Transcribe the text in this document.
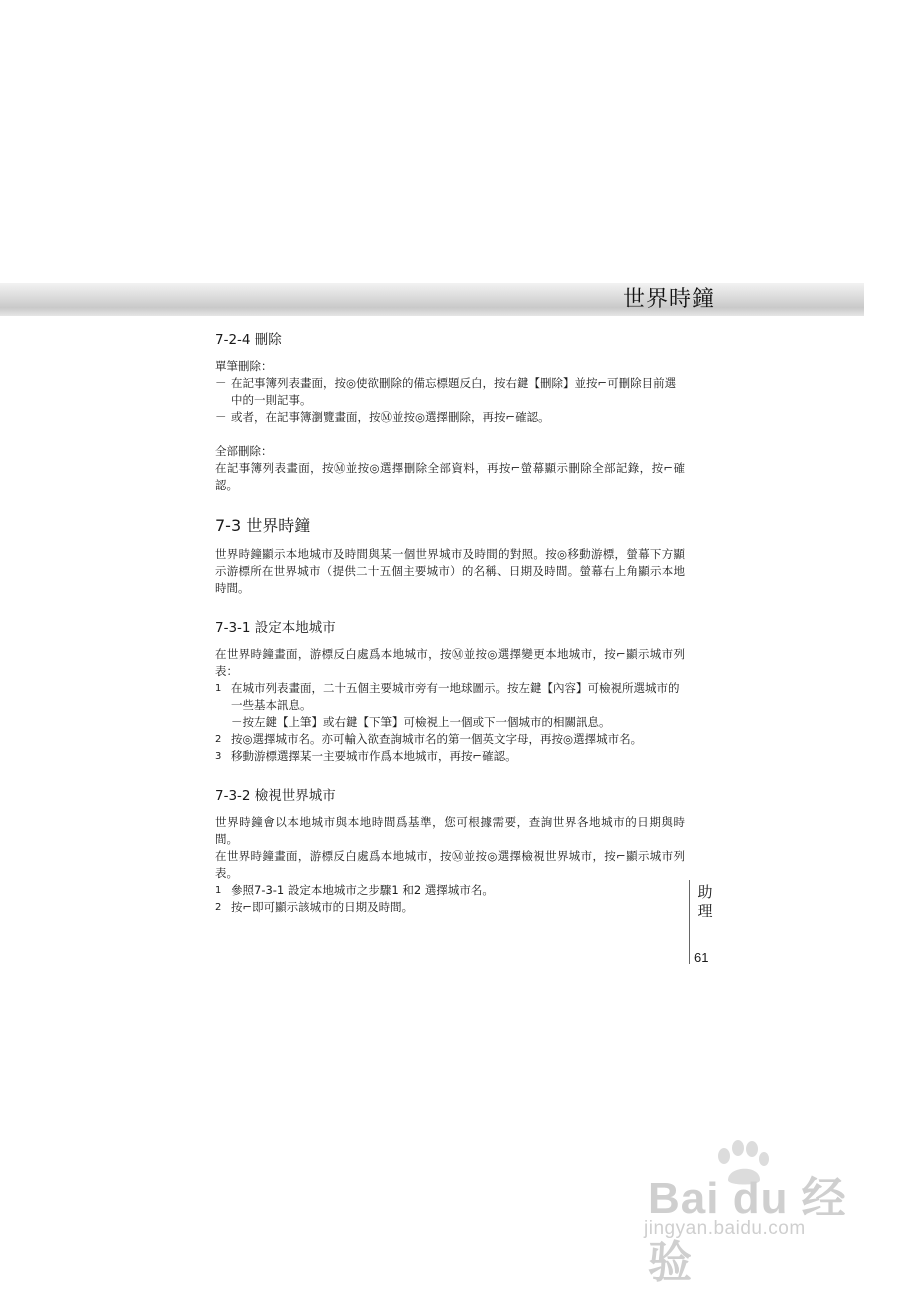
世界時鐘
7-2-4 刪除
單筆刪除：
－ 在記事簿列表畫面，按◎使欲刪除的備忘標題反白，按右鍵【刪除】並按⌐可刪除目前選中的一則記事。
－ 或者，在記事簿瀏覽畫面，按Ⓜ並按◎選擇刪除，再按⌐確認。
全部刪除：
在記事簿列表畫面，按Ⓜ並按◎選擇刪除全部資料，再按⌐螢幕顯示刪除全部記錄，按⌐確認。
7-3 世界時鐘
世界時鐘顯示本地城市及時間與某一個世界城市及時間的對照。按◎移動游標，螢幕下方顯示游標所在世界城市（提供二十五個主要城市）的名稱、日期及時間。螢幕右上角顯示本地時間。
7-3-1 設定本地城市
在世界時鐘畫面，游標反白處爲本地城市，按Ⓜ並按◎選擇變更本地城市，按⌐顯示城市列表：
1 在城市列表畫面，二十五個主要城市旁有一地球圖示。按左鍵【內容】可檢視所選城市的一些基本訊息。
－按左鍵【上筆】或右鍵【下筆】可檢視上一個或下一個城市的相關訊息。
2 按◎選擇城市名。亦可輸入欲查詢城市名的第一個英文字母，再按◎選擇城市名。
3 移動游標選擇某一主要城市作爲本地城市，再按⌐確認。
7-3-2 檢視世界城市
世界時鐘會以本地城市與本地時間爲基準，您可根據需要，查詢世界各地城市的日期與時間。
在世界時鐘畫面，游標反白處爲本地城市，按Ⓜ並按◎選擇檢視世界城市，按⌐顯示城市列表。
1 參照7-3-1 設定本地城市之步驟1 和2 選擇城市名。
2 按⌐即可顯示該城市的日期及時間。
助
理
61
Bai du 经验
jingyan.baidu.com
